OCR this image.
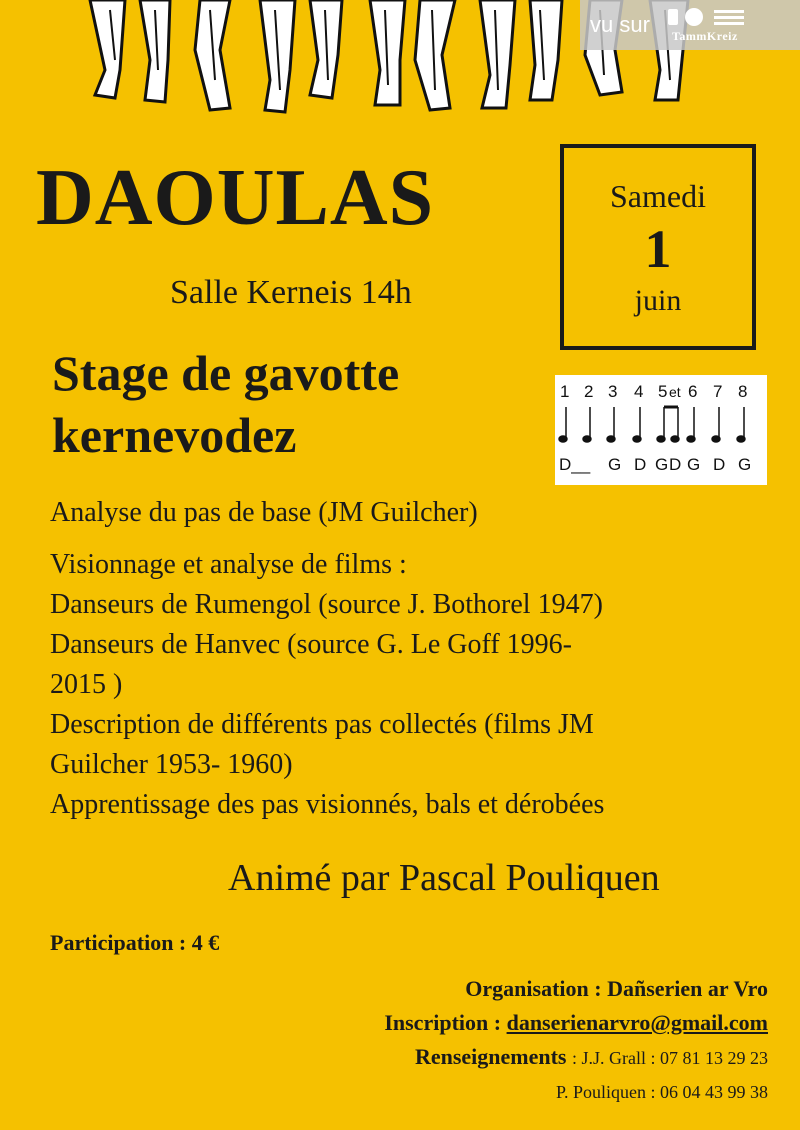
vu sur TammKreiz
DAOULAS
Salle Kerneis 14h
Stage de gavotte
kernevodez
Samedi
1
juin
1 2 3 4 5 et 6 7 8
D__ G D G D G D G
Analyse du pas de base (JM Guilcher)
Visionnage et analyse de films :
Danseurs de Rumengol (source J. Bothorel 1947)
Danseurs de Hanvec (source G. Le Goff 1996-
2015 )
Description de différents pas collectés (films JM
Guilcher 1953- 1960)
Apprentissage des pas visionnés, bals et dérobées
Animé par Pascal Pouliquen
Participation : 4 €
Organisation : Dañserien ar Vro
Inscription : danserienarvro@gmail.com
Renseignements : J.J. Grall : 07 81 13 29 23
P. Pouliquen : 06 04 43 99 38
